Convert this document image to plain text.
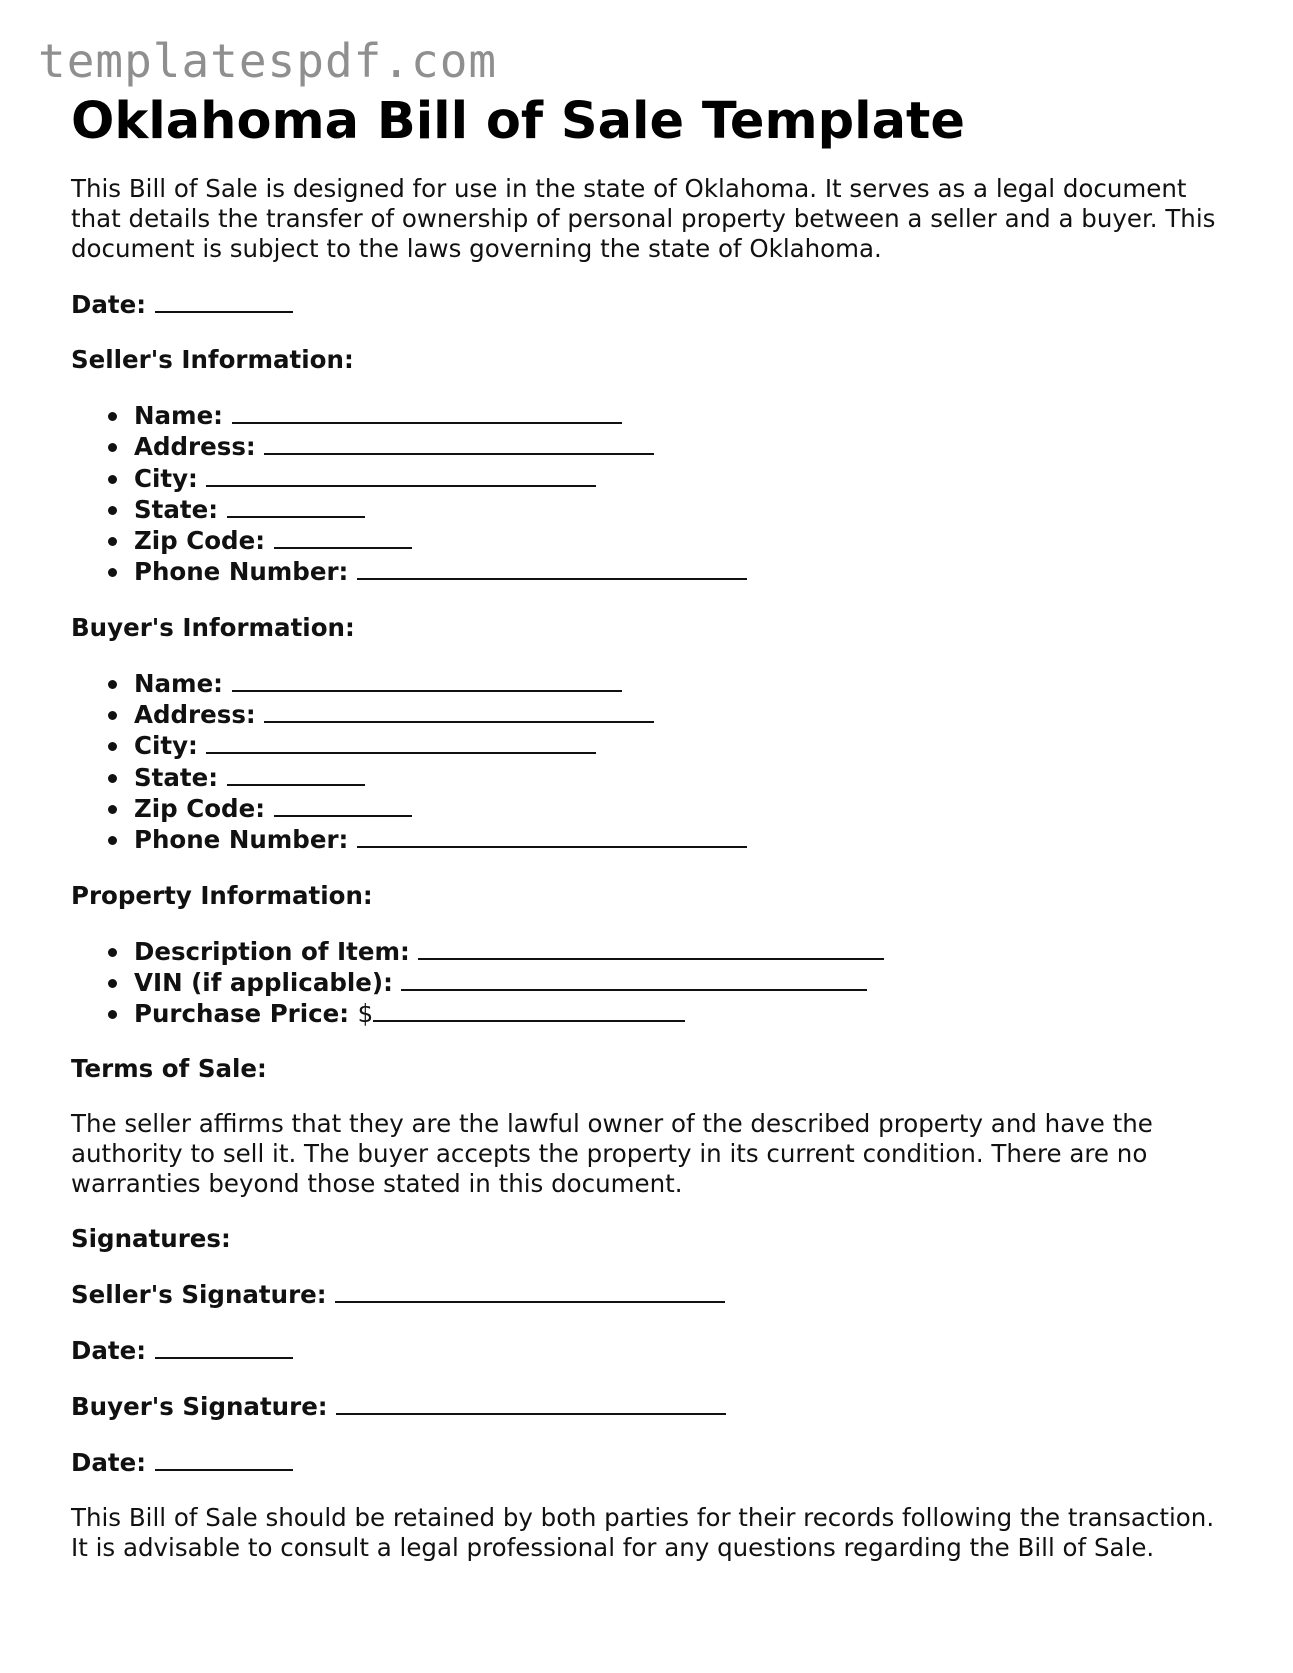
templatespdf.com
Oklahoma Bill of Sale Template

This Bill of Sale is designed for use in the state of Oklahoma. It serves as a legal document that details the transfer of ownership of personal property between a seller and a buyer. This document is subject to the laws governing the state of Oklahoma.

Date:
Seller's Information:
Name:
Address:
City:
State:
Zip Code:
Phone Number:
Buyer's Information:
Name:
Address:
City:
State:
Zip Code:
Phone Number:
Property Information:
Description of Item:
VIN (if applicable):
Purchase Price: $
Terms of Sale:

The seller affirms that they are the lawful owner of the described property and have the authority to sell it. The buyer accepts the property in its current condition. There are no warranties beyond those stated in this document.

Signatures:
Seller's Signature:
Date:
Buyer's Signature:
Date:

This Bill of Sale should be retained by both parties for their records following the transaction. It is advisable to consult a legal professional for any questions regarding the Bill of Sale.
